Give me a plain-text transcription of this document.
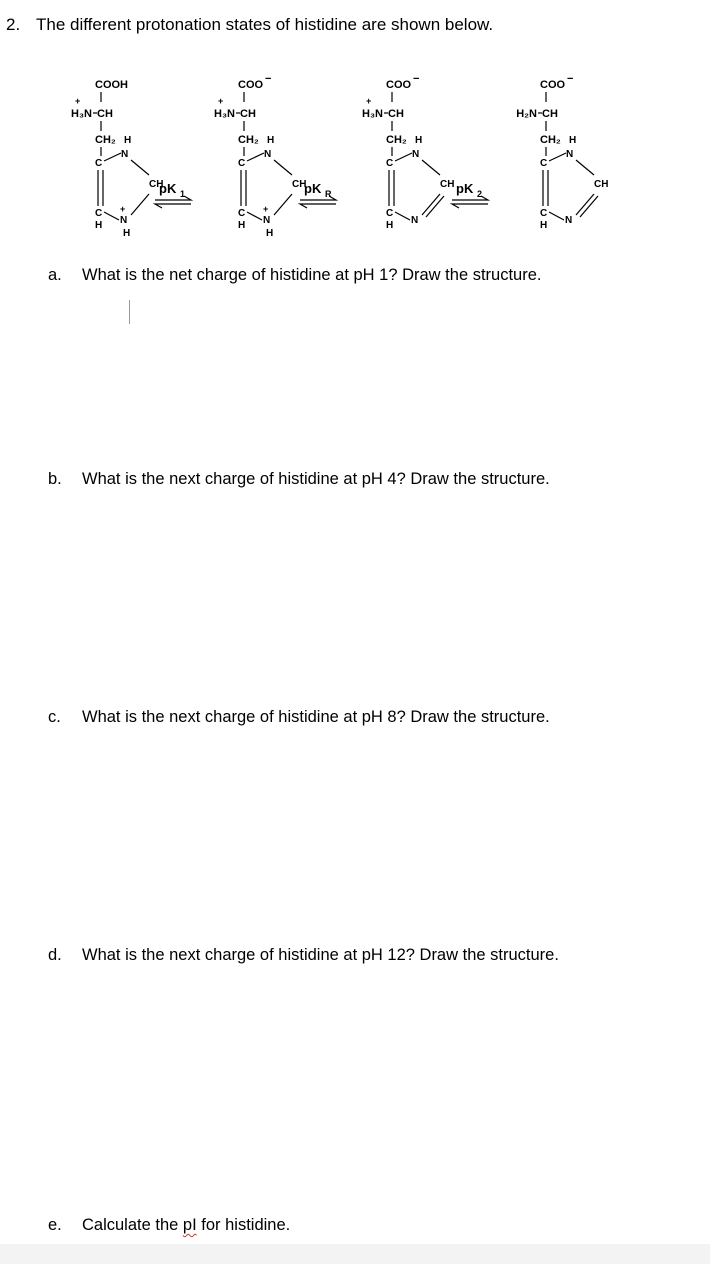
2. The different protonation states of histidine are shown below.
COOH
H₃N
+
CH
CH₂ H
C
N
CH
C
H N
+
H
COO −
H₃N
+
CH
CH₂ H
C
N
CH
C
H N
+
H
COO −
H₃N
+
CH
CH₂ H
C
N
CH
C
H N
COO −
H₂N CH
CH₂ H
C
N
CH
C
H N
pK 1	pK R	pK 2
a. What is the net charge of histidine at pH 1? Draw the structure.
b. What is the next charge of histidine at pH 4? Draw the structure.
c. What is the next charge of histidine at pH 8? Draw the structure.
d. What is the next charge of histidine at pH 12? Draw the structure.
e. Calculate the pI for histidine.
